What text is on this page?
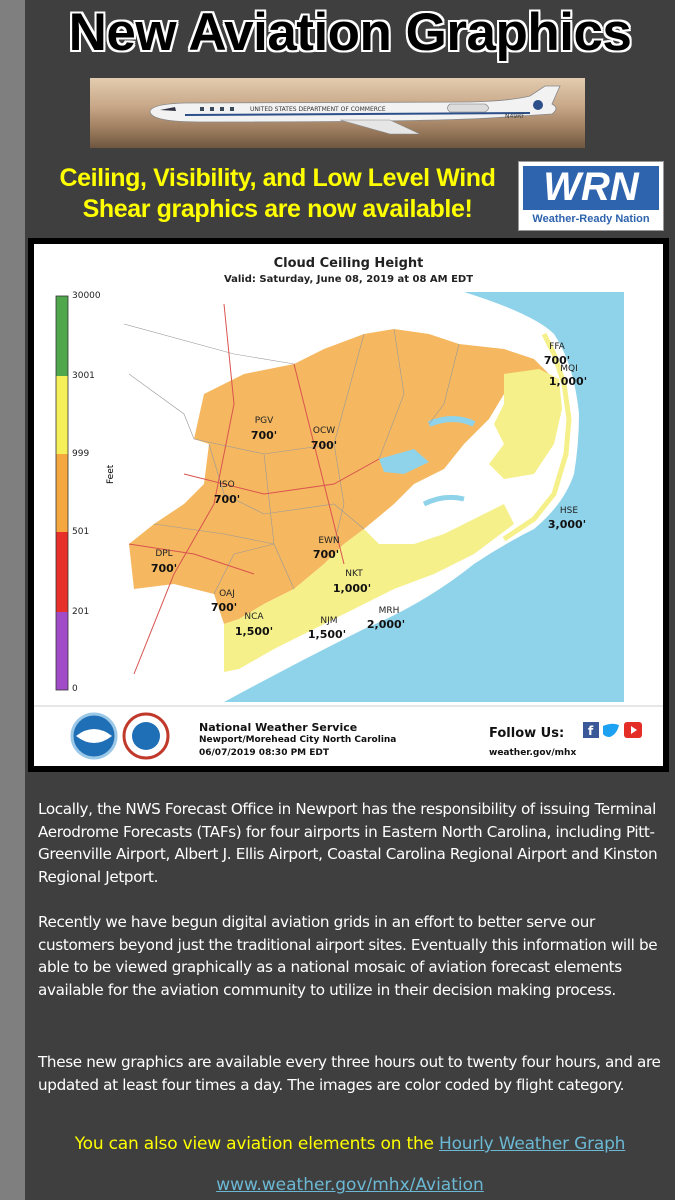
New Aviation Graphics
UNITED STATES DEPARTMENT OF COMMERCE
N49RF
Ceiling, Visibility, and Low Level Wind
Shear graphics are now available!	WRN
Weather-Ready Nation
Cloud Ceiling Height
Valid: Saturday, June 08, 2019 at 08 AM EDT
f
30000
3001
999
501
201
0
Feet
PGV
700'	OCW
700'
ISO
700'
EWN
700'
DPL
700'
OAJ
700'
NKT
1,000'
NCA
1,500'
NJM
1,500'
MRH
2,000'
HSE
3,000'
FFA
700'
MQI
1,000'
National Weather Service
Newport/Morehead City North Carolina
06/07/2019 08:30 PM EDT
Follow Us:
weather.gov/mhx
Locally, the NWS Forecast Office in Newport has the responsibility of issuing Terminal Aerodrome Forecasts (TAFs) for four airports in Eastern North Carolina, including Pitt-Greenville Airport, Albert J. Ellis Airport, Coastal Carolina Regional Airport and Kinston Regional Jetport.
Recently we have begun digital aviation grids in an effort to better serve our customers beyond just the traditional airport sites. Eventually this information will be able to be viewed graphically as a national mosaic of aviation forecast elements available for the aviation community to utilize in their decision making process.
These new graphics are available every three hours out to twenty four hours, and are updated at least four times a day. The images are color coded by flight category.
You can also view aviation elements on the Hourly Weather Graph
www.weather.gov/mhx/Aviation
